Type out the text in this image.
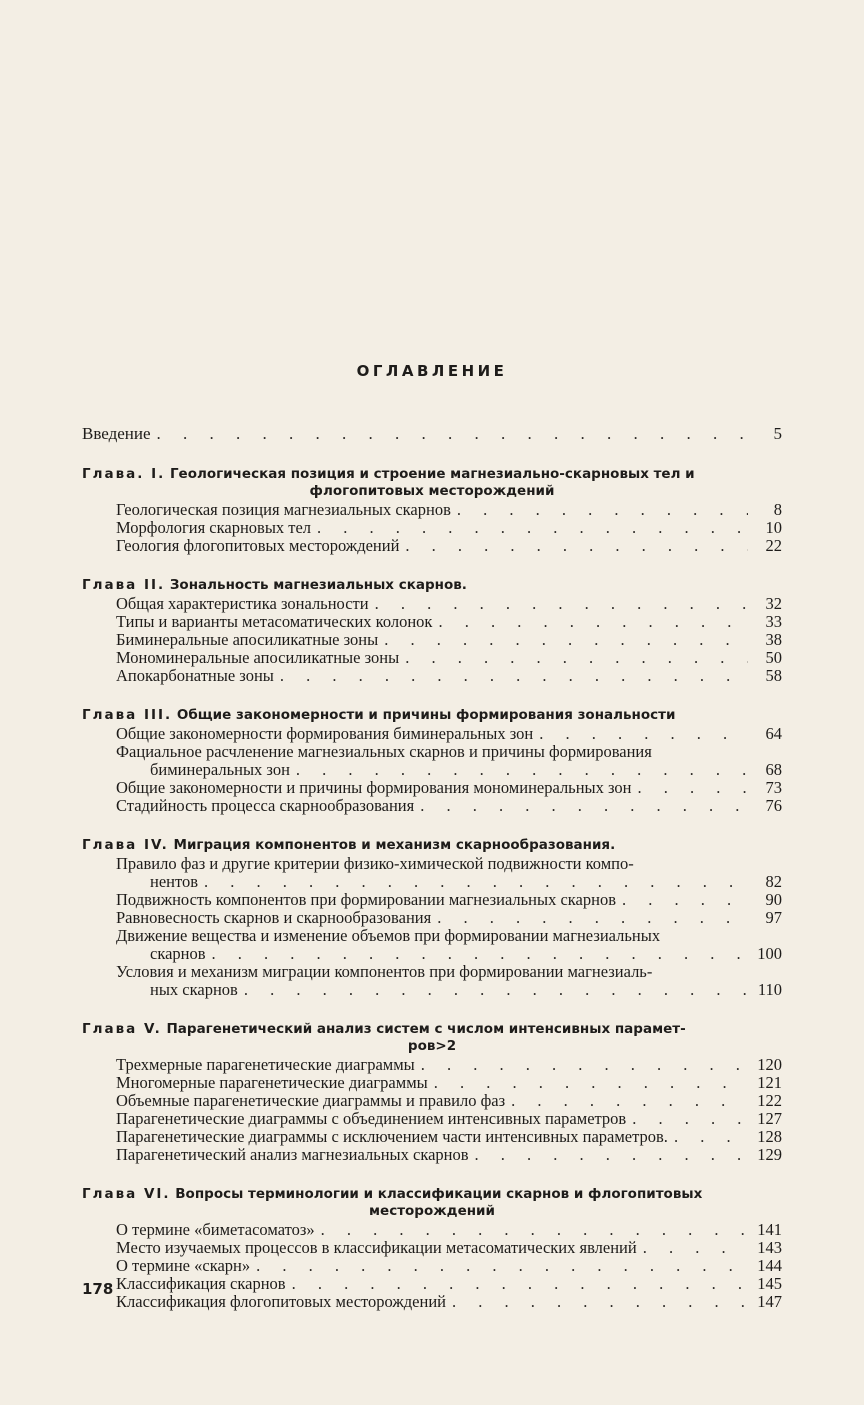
ОГЛАВЛЕНИЕ
Введение . . .	5
Глава. I. Геологическая позиция и строение магнезиально-скарновых тел и
флогопитовых месторождений
Геологическая позиция магнезиальных скарнов . . .	8
Морфология скарновых тел . . .	10
Геология флогопитовых месторождений . . .	22
Глава II. Зональность магнезиальных скарнов.
Общая характеристика зональности . . .	32
Типы и варианты метасоматических колонок . . .	33
Биминеральные апосиликатные зоны . . .	38
Мономинеральные апосиликатные зоны . . .	50
Апокарбонатные зоны . . .	58
Глава III. Общие закономерности и причины формирования зональности
Общие закономерности формирования биминеральных зон . . .	64
Фациальное расчленение магнезиальных скарнов и причины формирования
биминеральных зон . . .	68
Общие закономерности и причины формирования мономинеральных зон . . .	73
Стадийность процесса скарнообразования . . .	76
Глава IV. Миграция компонентов и механизм скарнообразования.
Правило фаз и другие критерии физико-химической подвижности компо-
нентов . . .	82
Подвижность компонентов при формировании магнезиальных скарнов . . .	90
Равновесность скарнов и скарнообразования . . .	97
Движение вещества и изменение объемов при формировании магнезиальных
скарнов . . .	100
Условия и механизм миграции компонентов при формировании магнезиаль-
ных скарнов . . .	110
Глава V. Парагенетический анализ систем с числом интенсивных парамет-
ров>2
Трехмерные парагенетические диаграммы . . .	120
Многомерные парагенетические диаграммы . . .	121
Объемные парагенетические диаграммы и правило фаз . . .	122
Парагенетические диаграммы с объединением интенсивных параметров . . .	127
Парагенетические диаграммы с исключением части интенсивных параметров. . . .	128
Парагенетический анализ магнезиальных скарнов . . .	129
Глава VI. Вопросы терминологии и классификации скарнов и флогопитовых
месторождений
О термине «биметасоматоз» . . .	141
Место изучаемых процессов в классификации метасоматических явлений . . .	143
О термине «скарн» . . .	144
Классификация скарнов . . .	145
Классификация флогопитовых месторождений . . .	147
178
